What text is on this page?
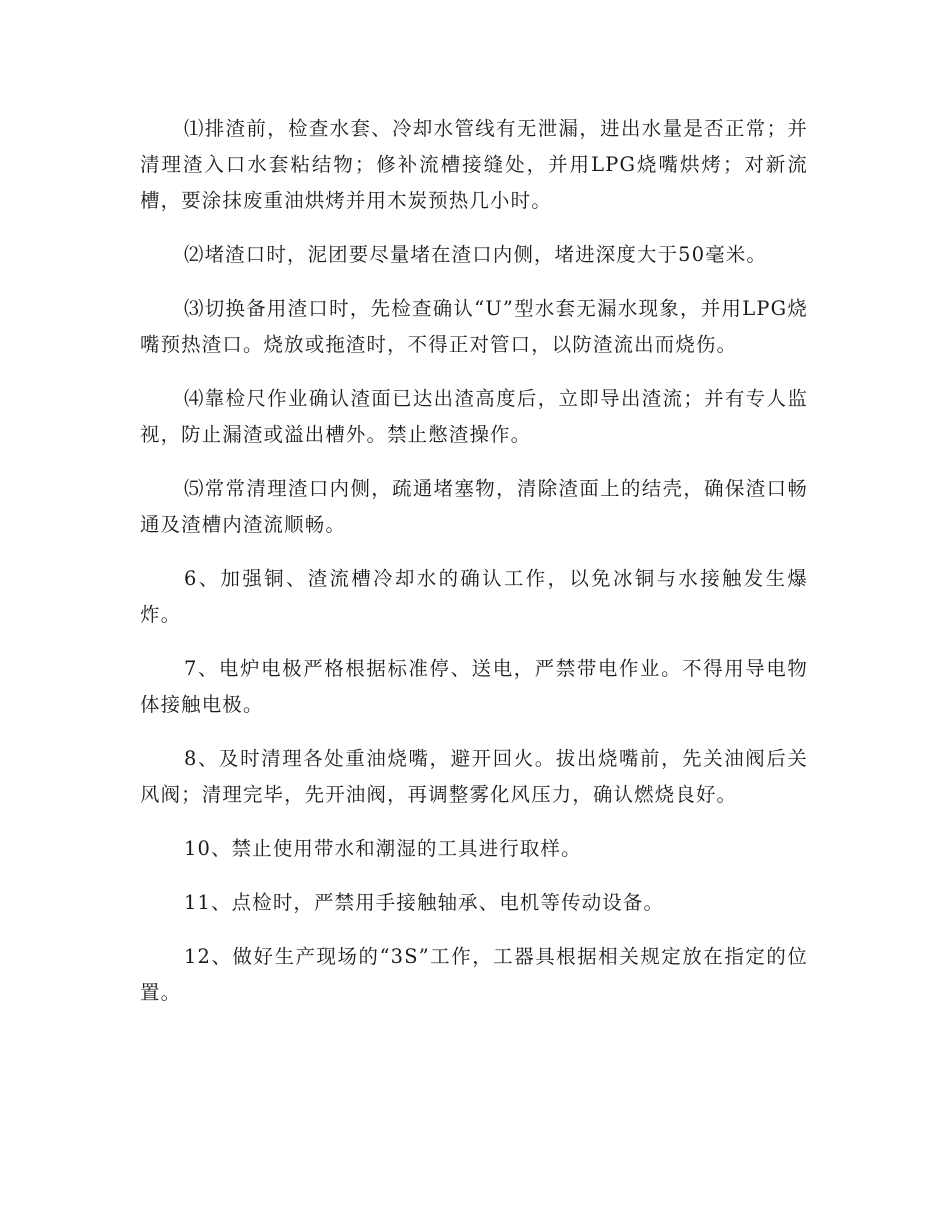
⑴排渣前，检查水套、冷却水管线有无泄漏，进出水量是否正常；并清理渣入口水套粘结物；修补流槽接缝处，并用LPG烧嘴烘烤；对新流槽，要涂抹废重油烘烤并用木炭预热几小时。

⑵堵渣口时，泥团要尽量堵在渣口内侧，堵进深度大于50毫米。

⑶切换备用渣口时，先检查确认“U”型水套无漏水现象，并用LPG烧嘴预热渣口。烧放或拖渣时，不得正对管口，以防渣流出而烧伤。

⑷靠检尺作业确认渣面已达出渣高度后，立即导出渣流；并有专人监视，防止漏渣或溢出槽外。禁止憋渣操作。

⑸常常清理渣口内侧，疏通堵塞物，清除渣面上的结壳，确保渣口畅通及渣槽内渣流顺畅。

6、加强铜、渣流槽冷却水的确认工作，以免冰铜与水接触发生爆炸。

7、电炉电极严格根据标准停、送电，严禁带电作业。不得用导电物体接触电极。

8、及时清理各处重油烧嘴，避开回火。拔出烧嘴前，先关油阀后关风阀；清理完毕，先开油阀，再调整雾化风压力，确认燃烧良好。

10、禁止使用带水和潮湿的工具进行取样。

11、点检时，严禁用手接触轴承、电机等传动设备。

12、做好生产现场的“3S”工作，工器具根据相关规定放在指定的位置。
